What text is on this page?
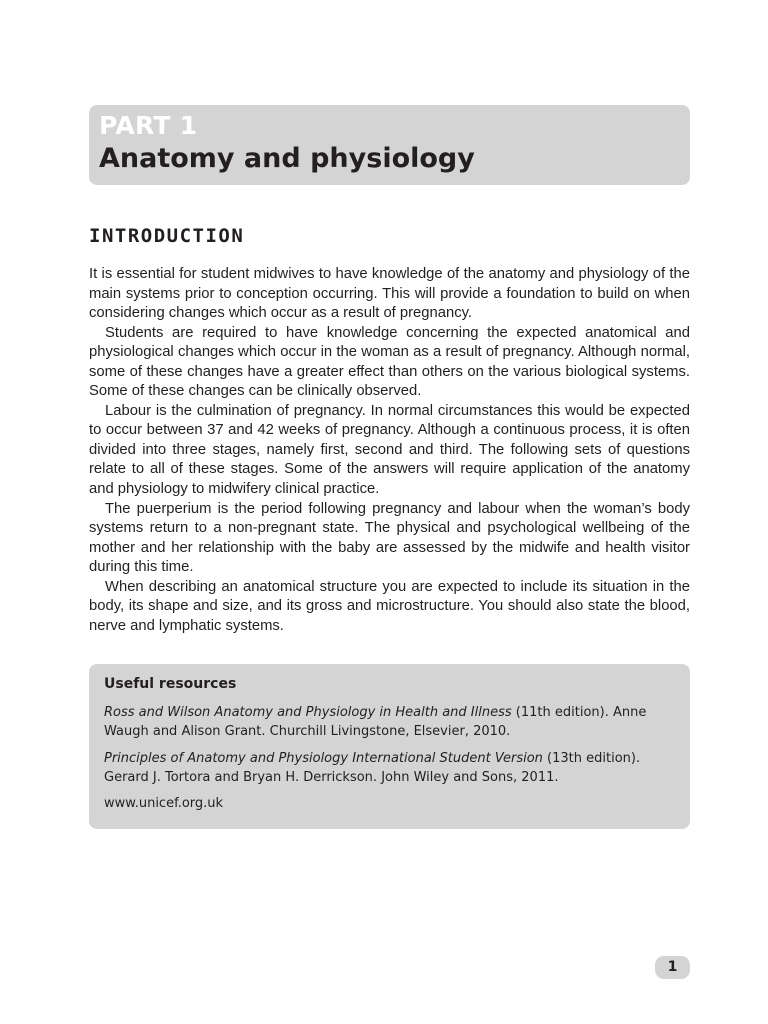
PART 1
Anatomy and physiology
INTRODUCTION

It is essential for student midwives to have knowledge of the anatomy and physiology of the main systems prior to conception occurring. This will provide a foundation to build on when considering changes which occur as a result of pregnancy.

Students are required to have knowledge concerning the expected anatomical and physiological changes which occur in the woman as a result of pregnancy. Although normal, some of these changes have a greater effect than others on the various biological systems. Some of these changes can be clinically observed.

Labour is the culmination of pregnancy. In normal circumstances this would be expected to occur between 37 and 42 weeks of pregnancy. Although a continuous process, it is often divided into three stages, namely first, second and third. The following sets of questions relate to all of these stages. Some of the answers will require application of the anatomy and physiology to midwifery clinical practice.

The puerperium is the period following pregnancy and labour when the woman’s body systems return to a non-pregnant state. The physical and psychological wellbeing of the mother and her relationship with the baby are assessed by the midwife and health visitor during this time.

When describing an anatomical structure you are expected to include its situation in the body, its shape and size, and its gross and microstructure. You should also state the blood, nerve and lymphatic systems.

Useful resources
Ross and Wilson Anatomy and Physiology in Health and Illness (11th edition). Anne Waugh and Alison Grant. Churchill Livingstone, Elsevier, 2010.
Principles of Anatomy and Physiology International Student Version (13th edition). Gerard J. Tortora and Bryan H. Derrickson. John Wiley and Sons, 2011.
www.unicef.org.uk
1
